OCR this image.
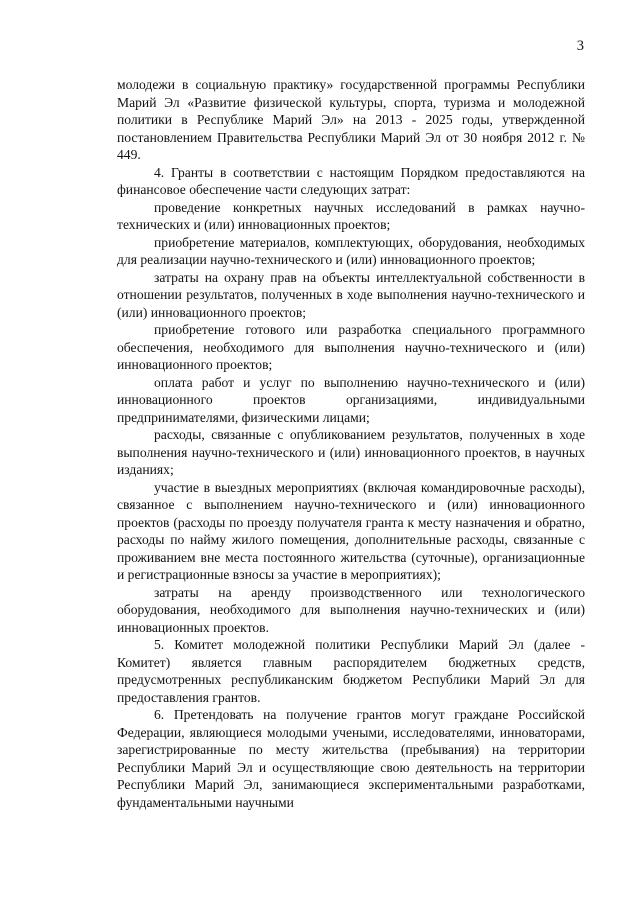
3

молодежи в социальную практику» государственной программы Республики Марий Эл «Развитие физической культуры, спорта, туризма и молодежной политики в Республике Марий Эл» на 2013 - 2025 годы, утвержденной постановлением Правительства Республики Марий Эл от 30 ноября 2012 г. № 449.

4. Гранты в соответствии с настоящим Порядком предоставляются на финансовое обеспечение части следующих затрат:

проведение конкретных научных исследований в рамках научно-технических и (или) инновационных проектов;

приобретение материалов, комплектующих, оборудования, необходимых для реализации научно-технического и (или) инновационного проектов;

затраты на охрану прав на объекты интеллектуальной собственности в отношении результатов, полученных в ходе выполнения научно-технического и (или) инновационного проектов;

приобретение готового или разработка специального программного обеспечения, необходимого для выполнения научно-технического и (или) инновационного проектов;

оплата работ и услуг по выполнению научно-технического и (или) инновационного проектов организациями, индивидуальными предпринимателями, физическими лицами;

расходы, связанные с опубликованием результатов, полученных в ходе выполнения научно-технического и (или) инновационного проектов, в научных изданиях;

участие в выездных мероприятиях (включая командировочные расходы), связанное с выполнением научно-технического и (или) инновационного проектов (расходы по проезду получателя гранта к месту назначения и обратно, расходы по найму жилого помещения, дополнительные расходы, связанные с проживанием вне места постоянного жительства (суточные), организационные и регистрационные взносы за участие в мероприятиях);

затраты на аренду производственного или технологического оборудования, необходимого для выполнения научно-технических и (или) инновационных проектов.

5. Комитет молодежной политики Республики Марий Эл (далее - Комитет) является главным распорядителем бюджетных средств, предусмотренных республиканским бюджетом Республики Марий Эл для предоставления грантов.

6. Претендовать на получение грантов могут граждане Российской Федерации, являющиеся молодыми учеными, исследователями, инноваторами, зарегистрированные по месту жительства (пребывания) на территории Республики Марий Эл и осуществляющие свою деятельность на территории Республики Марий Эл, занимающиеся экспериментальными разработками, фундаментальными научными
